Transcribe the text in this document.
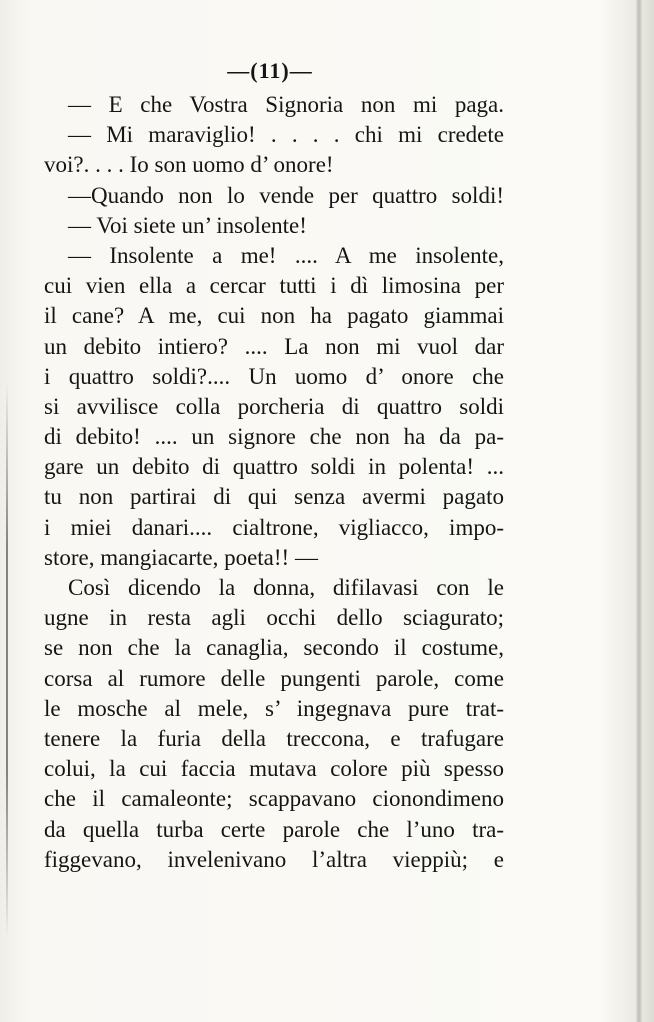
—(11)—
— E che Vostra Signoria non mi paga.
— Mi maraviglio! . . . . chi mi credete
voi?. . . . Io son uomo d’ onore!
—Quando non lo vende per quattro soldi!
— Voi siete un’ insolente!
— Insolente a me! .... A me insolente,
cui vien ella a cercar tutti i dì limosina per
il cane? A me, cui non ha pagato giammai
un debito intiero? .... La non mi vuol dar
i quattro soldi?.... Un uomo d’ onore che
si avvilisce colla porcheria di quattro soldi
di debito! .... un signore che non ha da pa-
gare un debito di quattro soldi in polenta! ...
tu non partirai di qui senza avermi pagato
i miei danari.... cialtrone, vigliacco, impo-
store, mangiacarte, poeta!! —
Così dicendo la donna, difilavasi con le
ugne in resta agli occhi dello sciagurato;
se non che la canaglia, secondo il costume,
corsa al rumore delle pungenti parole, come
le mosche al mele, s’ ingegnava pure trat-
tenere la furia della treccona, e trafugare
colui, la cui faccia mutava colore più spesso
che il camaleonte; scappavano cionondimeno
da quella turba certe parole che l’uno tra-
figgevano, invelenivano l’altra vieppiù; e
